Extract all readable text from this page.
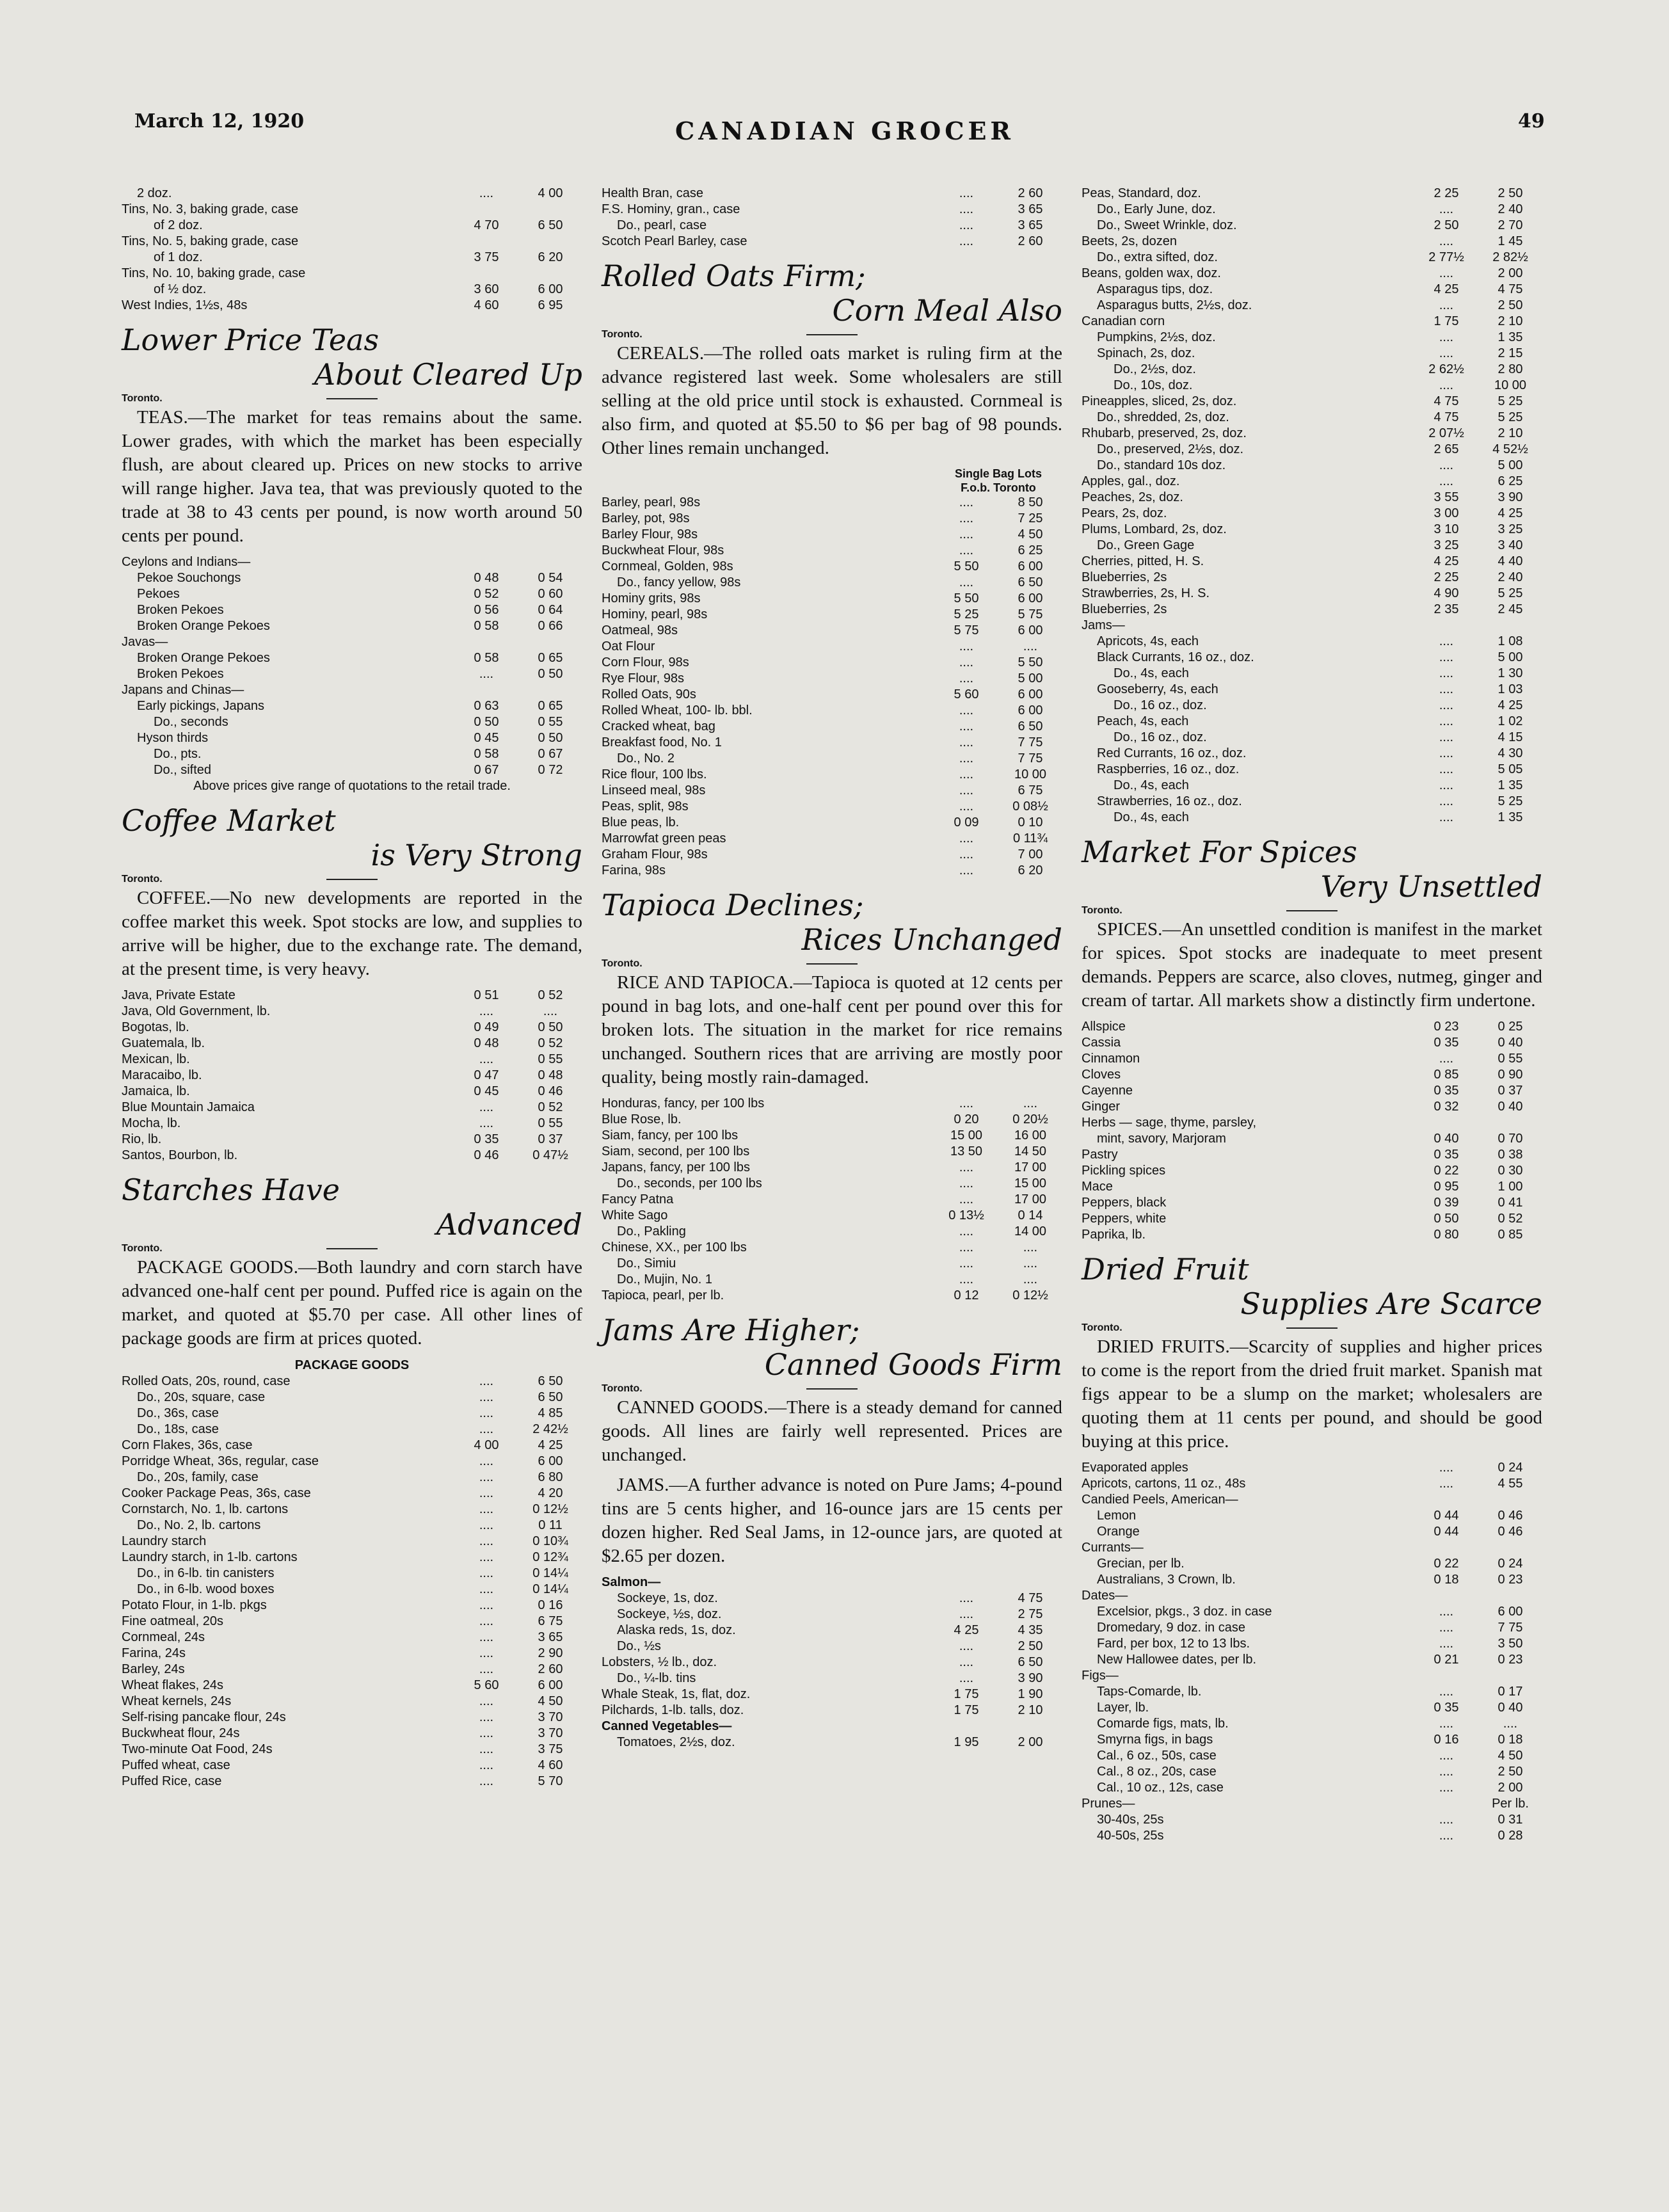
March 12, 1920	CANADIAN GROCER	49
2 doz.	....	4 00
Tins, No. 3, baking grade, case
of 2 doz.	4 70	6 50
Tins, No. 5, baking grade, case
of 1 doz.	3 75	6 20
Tins, No. 10, baking grade, case
of ½ doz.	3 60	6 00
West Indies, 1½s, 48s	4 60	6 95
Lower Price Teas
About Cleared Up
Toronto.
TEAS.—The market for teas remains about the same. Lower grades, with which the market has been especially flush, are about cleared up. Prices on new stocks to arrive will range higher. Java tea, that was previously quoted to the trade at 38 to 43 cents per pound, is now worth around 50 cents per pound.
Ceylons and Indians—
Pekoe Souchongs	0 48	0 54
Pekoes	0 52	0 60
Broken Pekoes	0 56	0 64
Broken Orange Pekoes	0 58	0 66
Javas—
Broken Orange Pekoes	0 58	0 65
Broken Pekoes	....	0 50
Japans and Chinas—
Early pickings, Japans	0 63	0 65
Do., seconds	0 50	0 55
Hyson thirds	0 45	0 50
Do., pts.	0 58	0 67
Do., sifted	0 67	0 72
Above prices give range of quotations to the retail trade.
Coffee Market
is Very Strong
Toronto.
COFFEE.—No new developments are reported in the coffee market this week. Spot stocks are low, and supplies to arrive will be higher, due to the exchange rate. The demand, at the present time, is very heavy.
Java, Private Estate	0 51	0 52
Java, Old Government, lb.	....	....
Bogotas, lb.	0 49	0 50
Guatemala, lb.	0 48	0 52
Mexican, lb.	....	0 55
Maracaibo, lb.	0 47	0 48
Jamaica, lb.	0 45	0 46
Blue Mountain Jamaica	....	0 52
Mocha, lb.	....	0 55
Rio, lb.	0 35	0 37
Santos, Bourbon, lb.	0 46	0 47½
Starches Have
Advanced
Toronto.
PACKAGE GOODS.—Both laundry and corn starch have advanced one-half cent per pound. Puffed rice is again on the market, and quoted at $5.70 per case. All other lines of package goods are firm at prices quoted.
PACKAGE GOODS
Rolled Oats, 20s, round, case	....	6 50
Do., 20s, square, case	....	6 50
Do., 36s, case	....	4 85
Do., 18s, case	....	2 42½
Corn Flakes, 36s, case	4 00	4 25
Porridge Wheat, 36s, regular, case	....	6 00
Do., 20s, family, case	....	6 80
Cooker Package Peas, 36s, case	....	4 20
Cornstarch, No. 1, lb. cartons	....	0 12½
Do., No. 2, lb. cartons	....	0 11
Laundry starch	....	0 10¾
Laundry starch, in 1-lb. cartons	....	0 12¾
Do., in 6-lb. tin canisters	....	0 14¼
Do., in 6-lb. wood boxes	....	0 14¼
Potato Flour, in 1-lb. pkgs	....	0 16
Fine oatmeal, 20s	....	6 75
Cornmeal, 24s	....	3 65
Farina, 24s	....	2 90
Barley, 24s	....	2 60
Wheat flakes, 24s	5 60	6 00
Wheat kernels, 24s	....	4 50
Self-rising pancake flour, 24s	....	3 70
Buckwheat flour, 24s	....	3 70
Two-minute Oat Food, 24s	....	3 75
Puffed wheat, case	....	4 60
Puffed Rice, case	....	5 70
Health Bran, case	....	2 60
F.S. Hominy, gran., case	....	3 65
Do., pearl, case	....	3 65
Scotch Pearl Barley, case	....	2 60
Rolled Oats Firm;
Corn Meal Also
Toronto.
CEREALS.—The rolled oats market is ruling firm at the advance registered last week. Some wholesalers are still selling at the old price until stock is exhausted. Cornmeal is also firm, and quoted at $5.50 to $6 per bag of 98 pounds. Other lines remain unchanged.
Single Bag Lots
F.o.b. Toronto
Barley, pearl, 98s	....	8 50
Barley, pot, 98s	....	7 25
Barley Flour, 98s	....	4 50
Buckwheat Flour, 98s	....	6 25
Cornmeal, Golden, 98s	5 50	6 00
Do., fancy yellow, 98s	....	6 50
Hominy grits, 98s	5 50	6 00
Hominy, pearl, 98s	5 25	5 75
Oatmeal, 98s	5 75	6 00
Oat Flour	....	....
Corn Flour, 98s	....	5 50
Rye Flour, 98s	....	5 00
Rolled Oats, 90s	5 60	6 00
Rolled Wheat, 100- lb. bbl.	....	6 00
Cracked wheat, bag	....	6 50
Breakfast food, No. 1	....	7 75
Do., No. 2	....	7 75
Rice flour, 100 lbs.	....	10 00
Linseed meal, 98s	....	6 75
Peas, split, 98s	....	0 08½
Blue peas, lb.	0 09	0 10
Marrowfat green peas	....	0 11¾
Graham Flour, 98s	....	7 00
Farina, 98s	....	6 20
Tapioca Declines;
Rices Unchanged
Toronto.
RICE AND TAPIOCA.—Tapioca is quoted at 12 cents per pound in bag lots, and one-half cent per pound over this for broken lots. The situation in the market for rice remains unchanged. Southern rices that are arriving are mostly poor quality, being mostly rain-damaged.
Honduras, fancy, per 100 lbs	....	....
Blue Rose, lb.	0 20	0 20½
Siam, fancy, per 100 lbs	15 00	16 00
Siam, second, per 100 lbs	13 50	14 50
Japans, fancy, per 100 lbs	....	17 00
Do., seconds, per 100 lbs	....	15 00
Fancy Patna	....	17 00
White Sago	0 13½	0 14
Do., Pakling	....	14 00
Chinese, XX., per 100 lbs	....	....
Do., Simiu	....	....
Do., Mujin, No. 1	....	....
Tapioca, pearl, per lb.	0 12	0 12½
Jams Are Higher;
Canned Goods Firm
Toronto.
CANNED GOODS.—There is a steady demand for canned goods. All lines are fairly well represented. Prices are unchanged.
JAMS.—A further advance is noted on Pure Jams; 4-pound tins are 5 cents higher, and 16-ounce jars are 15 cents per dozen higher. Red Seal Jams, in 12-ounce jars, are quoted at $2.65 per dozen.
Salmon—
Sockeye, 1s, doz.	....	4 75
Sockeye, ½s, doz.	....	2 75
Alaska reds, 1s, doz.	4 25	4 35
Do., ½s	....	2 50
Lobsters, ½ lb., doz.	....	6 50
Do., ¼-lb. tins	....	3 90
Whale Steak, 1s, flat, doz.	1 75	1 90
Pilchards, 1-lb. talls, doz.	1 75	2 10
Canned Vegetables—
Tomatoes, 2½s, doz.	1 95	2 00
Peas, Standard, doz.	2 25	2 50
Do., Early June, doz.	....	2 40
Do., Sweet Wrinkle, doz.	2 50	2 70
Beets, 2s, dozen	....	1 45
Do., extra sifted, doz.	2 77½	2 82½
Beans, golden wax, doz.	....	2 00
Asparagus tips, doz.	4 25	4 75
Asparagus butts, 2½s, doz.	....	2 50
Canadian corn	1 75	2 10
Pumpkins, 2½s, doz.	....	1 35
Spinach, 2s, doz.	....	2 15
Do., 2½s, doz.	2 62½	2 80
Do., 10s, doz.	....	10 00
Pineapples, sliced, 2s, doz.	4 75	5 25
Do., shredded, 2s, doz.	4 75	5 25
Rhubarb, preserved, 2s, doz.	2 07½	2 10
Do., preserved, 2½s, doz.	2 65	4 52½
Do., standard 10s doz.	....	5 00
Apples, gal., doz.	....	6 25
Peaches, 2s, doz.	3 55	3 90
Pears, 2s, doz.	3 00	4 25
Plums, Lombard, 2s, doz.	3 10	3 25
Do., Green Gage	3 25	3 40
Cherries, pitted, H. S.	4 25	4 40
Blueberries, 2s	2 25	2 40
Strawberries, 2s, H. S.	4 90	5 25
Blueberries, 2s	2 35	2 45
Jams—
Apricots, 4s, each	....	1 08
Black Currants, 16 oz., doz.	....	5 00
Do., 4s, each	....	1 30
Gooseberry, 4s, each	....	1 03
Do., 16 oz., doz.	....	4 25
Peach, 4s, each	....	1 02
Do., 16 oz., doz.	....	4 15
Red Currants, 16 oz., doz.	....	4 30
Raspberries, 16 oz., doz.	....	5 05
Do., 4s, each	....	1 35
Strawberries, 16 oz., doz.	....	5 25
Do., 4s, each	....	1 35
Market For Spices
Very Unsettled
Toronto.
SPICES.—An unsettled condition is manifest in the market for spices. Spot stocks are inadequate to meet present demands. Peppers are scarce, also cloves, nutmeg, ginger and cream of tartar. All markets show a distinctly firm undertone.
Allspice	0 23	0 25
Cassia	0 35	0 40
Cinnamon	....	0 55
Cloves	0 85	0 90
Cayenne	0 35	0 37
Ginger	0 32	0 40
Herbs — sage, thyme, parsley,
mint, savory, Marjoram	0 40	0 70
Pastry	0 35	0 38
Pickling spices	0 22	0 30
Mace	0 95	1 00
Peppers, black	0 39	0 41
Peppers, white	0 50	0 52
Paprika, lb.	0 80	0 85
Dried Fruit
Supplies Are Scarce
Toronto.
DRIED FRUITS.—Scarcity of supplies and higher prices to come is the report from the dried fruit market. Spanish mat figs appear to be a slump on the market; wholesalers are quoting them at 11 cents per pound, and should be good buying at this price.
Evaporated apples	....	0 24
Apricots, cartons, 11 oz., 48s	....	4 55
Candied Peels, American—
Lemon	0 44	0 46
Orange	0 44	0 46
Currants—
Grecian, per lb.	0 22	0 24
Australians, 3 Crown, lb.	0 18	0 23
Dates—
Excelsior, pkgs., 3 doz. in case	....	6 00
Dromedary, 9 doz. in case	....	7 75
Fard, per box, 12 to 13 lbs.	....	3 50
New Hallowee dates, per lb.	0 21	0 23
Figs—
Taps-Comarde, lb.	....	0 17
Layer, lb.	0 35	0 40
Comarde figs, mats, lb.	....	....
Smyrna figs, in bags	0 16	0 18
Cal., 6 oz., 50s, case	....	4 50
Cal., 8 oz., 20s, case	....	2 50
Cal., 10 oz., 12s, case	....	2 00
Prunes—	Per lb.
30-40s, 25s	....	0 31
40-50s, 25s	....	0 28
